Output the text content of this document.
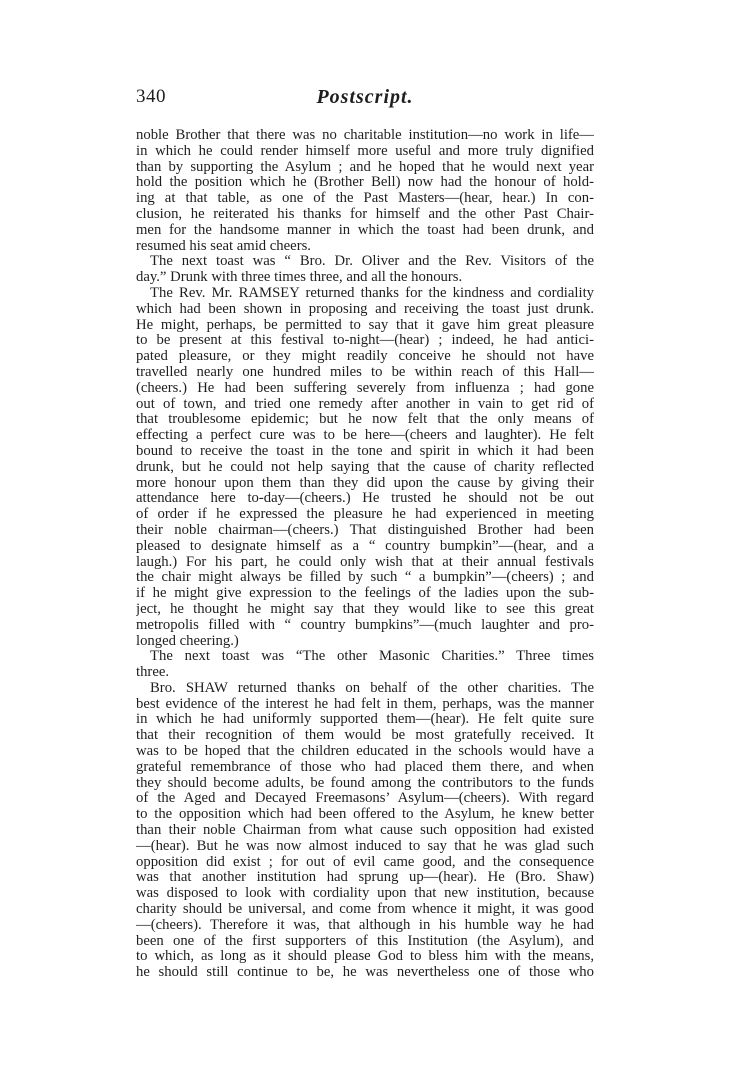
340	Postscript.
noble Brother that there was no charitable institution—no work in life—
in which he could render himself more useful and more truly dignified
than by supporting the Asylum ; and he hoped that he would next year
hold the position which he (Brother Bell) now had the honour of hold-
ing at that table, as one of the Past Masters—(hear, hear.) In con-
clusion, he reiterated his thanks for himself and the other Past Chair-
men for the handsome manner in which the toast had been drunk, and
resumed his seat amid cheers.
The next toast was “ Bro. Dr. Oliver and the Rev. Visitors of the
day.” Drunk with three times three, and all the honours.
The Rev. Mr. RAMSEY returned thanks for the kindness and cordiality
which had been shown in proposing and receiving the toast just drunk.
He might, perhaps, be permitted to say that it gave him great pleasure
to be present at this festival to-night—(hear) ; indeed, he had antici-
pated pleasure, or they might readily conceive he should not have
travelled nearly one hundred miles to be within reach of this Hall—
(cheers.) He had been suffering severely from influenza ; had gone
out of town, and tried one remedy after another in vain to get rid of
that troublesome epidemic; but he now felt that the only means of
effecting a perfect cure was to be here—(cheers and laughter). He felt
bound to receive the toast in the tone and spirit in which it had been
drunk, but he could not help saying that the cause of charity reflected
more honour upon them than they did upon the cause by giving their
attendance here to-day—(cheers.) He trusted he should not be out
of order if he expressed the pleasure he had experienced in meeting
their noble chairman—(cheers.) That distinguished Brother had been
pleased to designate himself as a “ country bumpkin”—(hear, and a
laugh.) For his part, he could only wish that at their annual festivals
the chair might always be filled by such “ a bumpkin”—(cheers) ; and
if he might give expression to the feelings of the ladies upon the sub-
ject, he thought he might say that they would like to see this great
metropolis filled with “ country bumpkins”—(much laughter and pro-
longed cheering.)
The next toast was “The other Masonic Charities.” Three times
three.
Bro. SHAW returned thanks on behalf of the other charities. The
best evidence of the interest he had felt in them, perhaps, was the manner
in which he had uniformly supported them—(hear). He felt quite sure
that their recognition of them would be most gratefully received. It
was to be hoped that the children educated in the schools would have a
grateful remembrance of those who had placed them there, and when
they should become adults, be found among the contributors to the funds
of the Aged and Decayed Freemasons’ Asylum—(cheers). With regard
to the opposition which had been offered to the Asylum, he knew better
than their noble Chairman from what cause such opposition had existed
—(hear). But he was now almost induced to say that he was glad such
opposition did exist ; for out of evil came good, and the consequence
was that another institution had sprung up—(hear). He (Bro. Shaw)
was disposed to look with cordiality upon that new institution, because
charity should be universal, and come from whence it might, it was good
—(cheers). Therefore it was, that although in his humble way he had
been one of the first supporters of this Institution (the Asylum), and
to which, as long as it should please God to bless him with the means,
he should still continue to be, he was nevertheless one of those who
